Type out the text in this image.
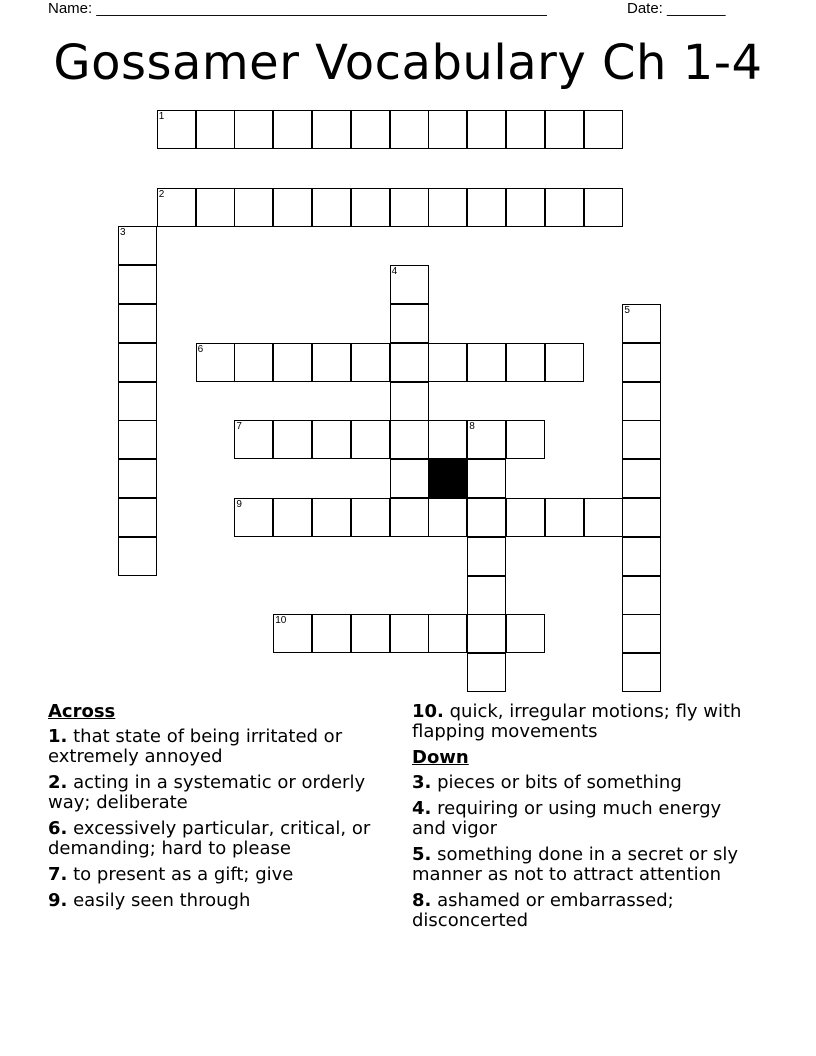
Name: ______________________________________________________	Date: _______
Gossamer Vocabulary Ch 1-4
1
2
3
4
5
6
7	8
9
10
Across
1. that state of being irritated or extremely annoyed
2. acting in a systematic or orderly way; deliberate
6. excessively particular, critical, or demanding; hard to please
7. to present as a gift; give
9. easily seen through
10. quick, irregular motions; fly with flapping movements
Down
3. pieces or bits of something
4. requiring or using much energy and vigor
5. something done in a secret or sly manner as not to attract attention
8. ashamed or embarrassed; disconcerted
